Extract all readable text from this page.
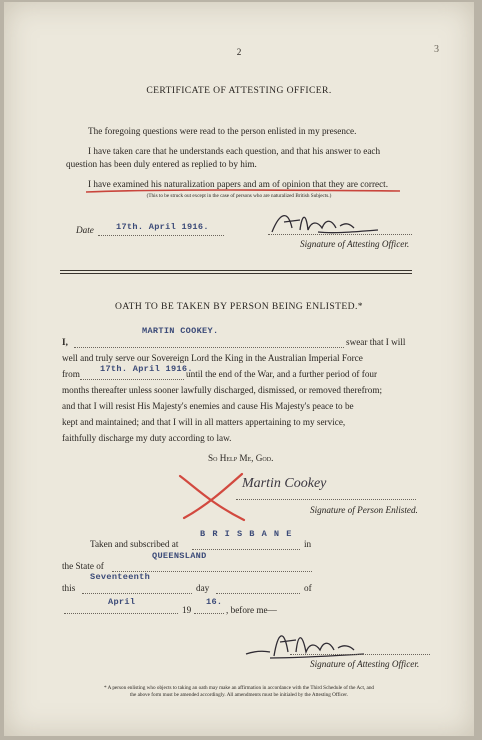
2	3
CERTIFICATE OF ATTESTING OFFICER.
The foregoing questions were read to the person enlisted in my presence.
I have taken care that he understands each question, and that his answer to each
question has been duly entered as replied to by him.
I have examined his naturalization papers and am of opinion that they are correct.
(This to be struck out except in the case of persons who are naturalized British Subjects.)
Date	17th. April 1916.
Signature of Attesting Officer.
OATH TO BE TAKEN BY PERSON BEING ENLISTED.*
I,
MARTIN COOKEY.
swear that I will
well and truly serve our Sovereign Lord the King in the Australian Imperial Force
from 17th. April 1916.
until the end of the War, and a further period of four
months thereafter unless sooner lawfully discharged, dismissed, or removed therefrom;
and that I will resist His Majesty's enemies and cause His Majesty's peace to be
kept and maintained; and that I will in all matters appertaining to my service,
faithfully discharge my duty according to law.
So Help Me, God.
Martin Cookey
Signature of Person Enlisted.
Taken and subscribed at
B R I S B A N E
in
the State of
QUEENSLAND
this
Seventeenth
day	of
April
19
16.
, before me—
Signature of Attesting Officer.
* A person enlisting who objects to taking an oath may make an affirmation in accordance with the Third Schedule of the Act, and
the above form must be amended accordingly. All amendments must be initialed by the Attesting Officer.
